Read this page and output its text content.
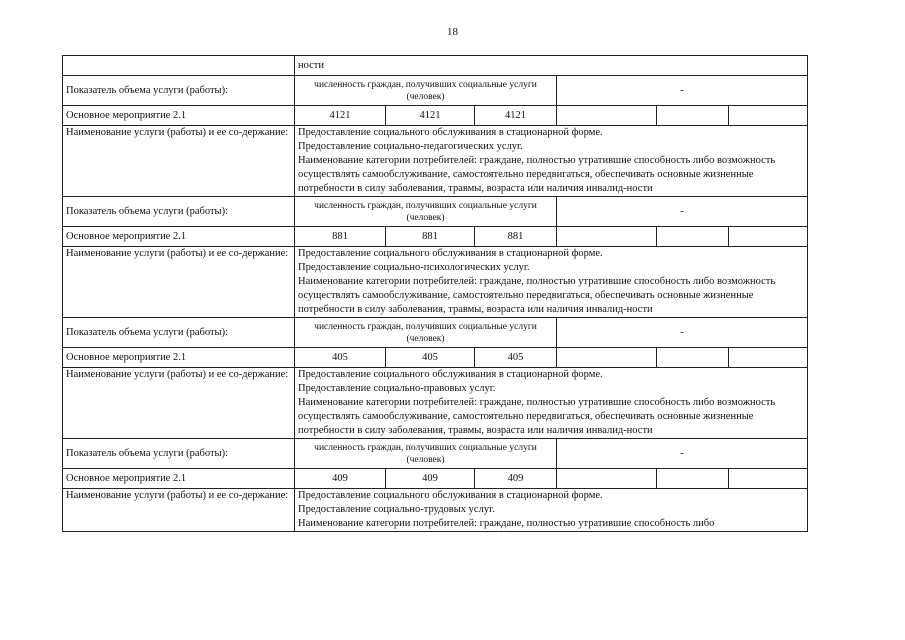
18
	ности					
Показатель объема услуги (работы):	численность граждан, получивших социальные услуги (человек)			-		
Основное мероприятие 2.1	4121	4121	4121			
Наименование услуги (работы) и ее со-держание:	Предоставление социального обслуживания в стационарной форме.

Предоставление социально-педагогических услуг.

Наименование категории потребителей: граждане, полностью утратившие способность либо возможность осуществлять самообслуживание, самостоятельно передвигаться, обеспечивать основные жизненные потребности в силу заболевания, травмы, возраста или наличия инвалид-ности					

Показатель объема услуги (работы):	численность граждан, получивших социальные услуги (человек)			-		
Основное мероприятие 2.1	881	881	881			
Наименование услуги (работы) и ее со-держание:	Предоставление социального обслуживания в стационарной форме.

Предоставление социально-психологических услуг.

Наименование категории потребителей: граждане, полностью утратившие способность либо возможность осуществлять самообслуживание, самостоятельно передвигаться, обеспечивать основные жизненные потребности в силу заболевания, травмы, возраста или наличия инвалид-ности					

Показатель объема услуги (работы):	численность граждан, получивших социальные услуги (человек)			-		
Основное мероприятие 2.1	405	405	405			
Наименование услуги (работы) и ее со-держание:	Предоставление социального обслуживания в стационарной форме.

Предоставление социально-правовых услуг.

Наименование категории потребителей: граждане, полностью утратившие способность либо возможность осуществлять самообслуживание, самостоятельно передвигаться, обеспечивать основные жизненные потребности в силу заболевания, травмы, возраста или наличия инвалид-ности					

Показатель объема услуги (работы):	численность граждан, получивших социальные услуги (человек)			-		
Основное мероприятие 2.1	409	409	409			
Наименование услуги (работы) и ее со-держание:	Предоставление социального обслуживания в стационарной форме.

Предоставление социально-трудовых услуг.

Наименование категории потребителей: граждане, полностью утратившие способность либо					
